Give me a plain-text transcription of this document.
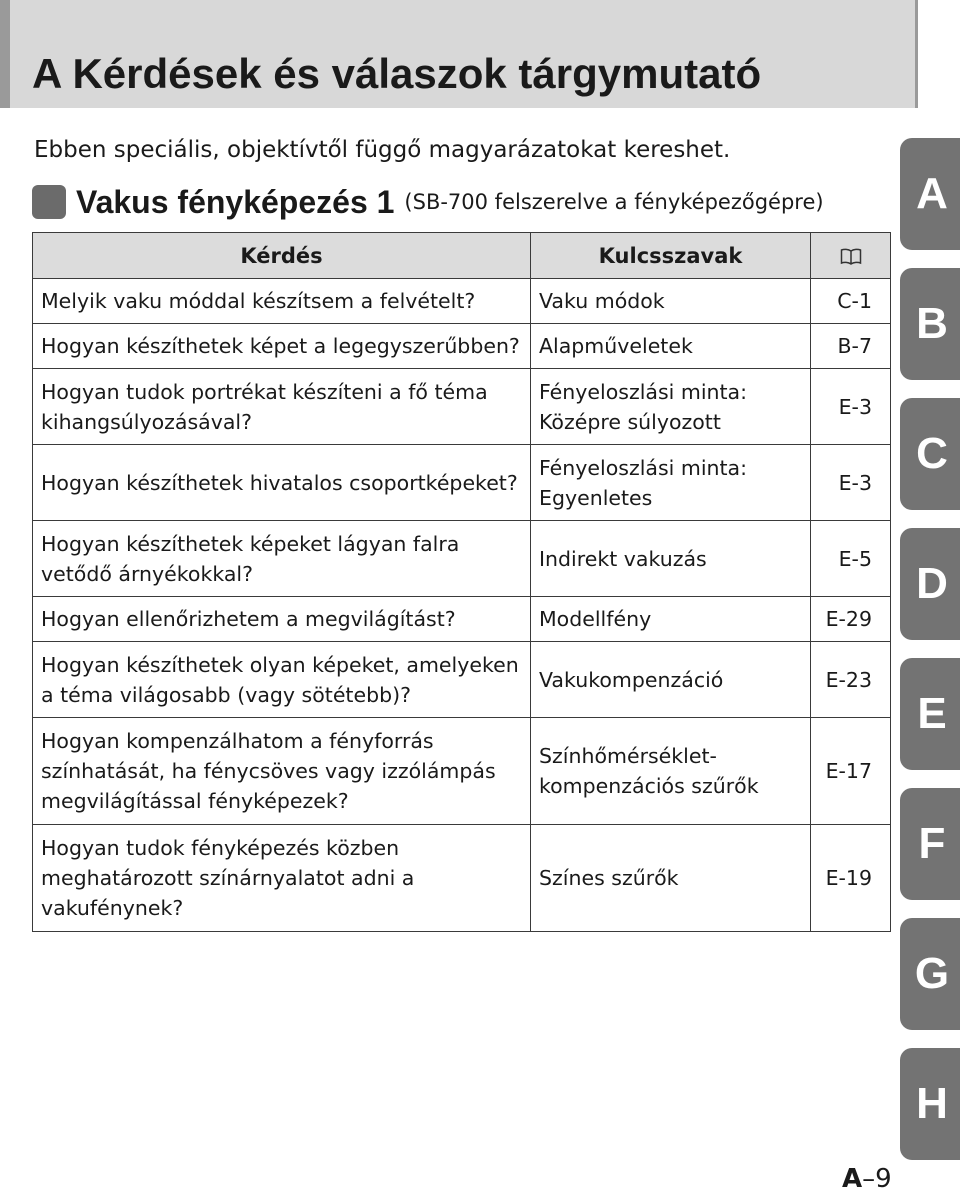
A Kérdések és válaszok tárgymutató

Ebben speciális, objektívtől függő magyarázatokat kereshet.

Vakus fényképezés 1 (SB-700 felszerelve a fényképezőgépre)
Kérdés	Kulcsszavak	

Melyik vaku móddal készítsem a felvételt?	Vaku módok	C-1
Hogyan készíthetek képet a legegyszerűbben?	Alapműveletek	B-7
Hogyan tudok portrékat készíteni a fő téma kihangsúlyozásával?	Fényeloszlási minta: Középre súlyozott	E-3
Hogyan készíthetek hivatalos csoportképeket?	Fényeloszlási minta: Egyenletes	E-3
Hogyan készíthetek képeket lágyan falra vetődő árnyékokkal?	Indirekt vakuzás	E-5
Hogyan ellenőrizhetem a megvilágítást?	Modellfény	E-29
Hogyan készíthetek olyan képeket, amelyeken a téma világosabb (vagy sötétebb)?	Vakukompenzáció	E-23
Hogyan kompenzálhatom a fényforrás színhatását, ha fénycsöves vagy izzólámpás megvilágítással fényképezek?	Színhőmérséklet-kompenzációs szűrők	E-17
Hogyan tudok fényképezés közben meghatározott színárnyalatot adni a vakufénynek?	Színes szűrők	E-19
A
B
C
D
E
F
G
H
A–9
